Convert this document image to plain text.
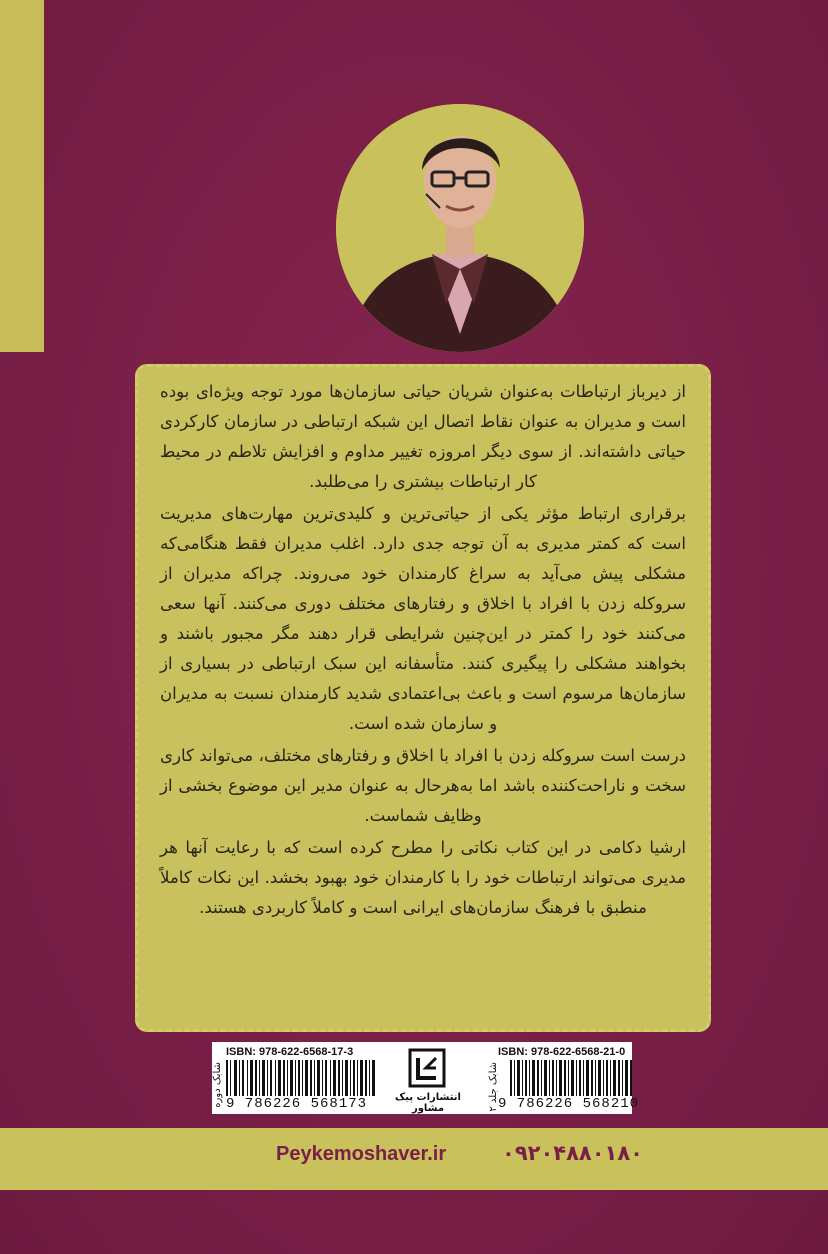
از دیرباز ارتباطات به‌عنوان شریان حیاتی سازمان‌ها مورد توجه ویژه‌ای بوده است و مدیران به عنوان نقاط اتصال این شبکه ارتباطی در سازمان کارکردی حیاتی داشته‌اند. از سوی دیگر امروزه تغییر مداوم و افزایش تلاطم در محیط کار ارتباطات بیشتری را می‌طلبد.

برقراری ارتباط مؤثر یکی از حیاتی‌ترین و کلیدی‌ترین مهارت‌های مدیریت است که کمتر مدیری به آن توجه جدی دارد. اغلب مدیران فقط هنگامی‌که مشکلی پیش می‌آید به سراغ کارمندان خود می‌روند. چراکه مدیران از سروکله زدن با افراد با اخلاق و رفتارهای مختلف دوری می‌کنند. آنها سعی می‌کنند خود را کمتر در این‌چنین شرایطی قرار دهند مگر مجبور باشند و بخواهند مشکلی را پیگیری کنند. متأسفانه این سبک ارتباطی در بسیاری از سازمان‌ها مرسوم است و باعث بی‌اعتمادی شدید کارمندان نسبت به مدیران و سازمان شده است.

درست است سروکله زدن با افراد با اخلاق و رفتارهای مختلف، می‌تواند کاری سخت و ناراحت‌کننده باشد اما به‌هرحال به عنوان مدیر این موضوع بخشی از وظایف شماست.

ارشیا دکامی در این کتاب نکاتی را مطرح کرده است که با رعایت آنها هر مدیری می‌تواند ارتباطات خود را با کارمندان خود بهبود بخشد. این نکات کاملاً منطبق با فرهنگ سازمان‌های ایرانی است و کاملاً کاربردی هستند.

ISBN: 978-622-6568-17-3	ISBN: 978-622-6568-21-0
9 786226 568173	9 786226 568210
شابک دوره
شابک جلد ۲
انتشارات پیک مشاور
Peykemoshaver.ir	۰۹۲۰۴۸۸۰۱۸۰
